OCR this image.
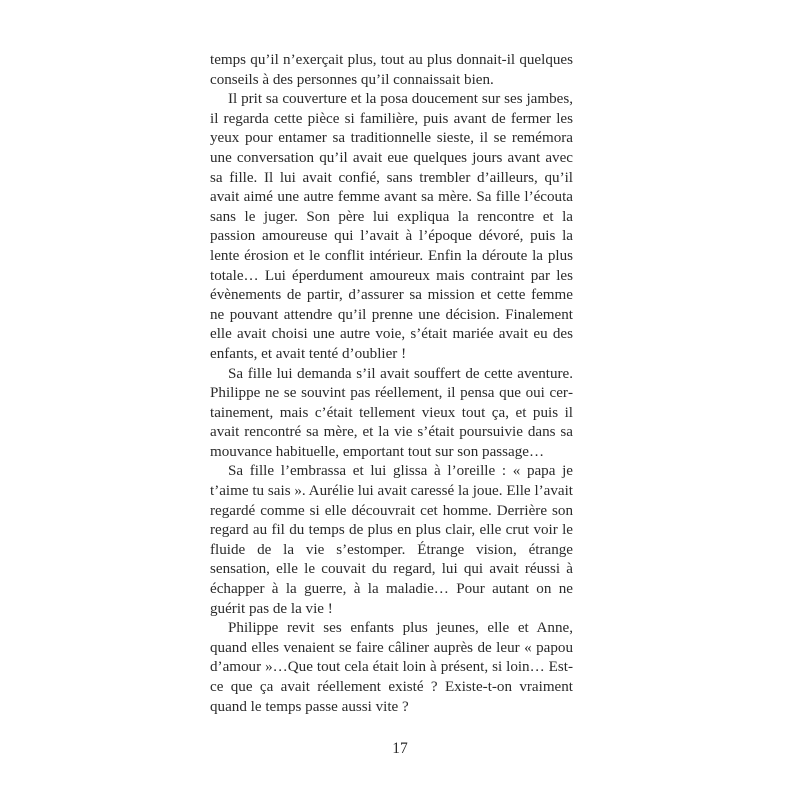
temps qu’il n’exerçait plus, tout au plus donnait-il quelques conseils à des personnes qu’il connaissait bien.

Il prit sa couverture et la posa doucement sur ses jambes, il regarda cette pièce si familière, puis avant de fermer les yeux pour entamer sa traditionnelle sieste, il se remémora une conversation qu’il avait eue quelques jours avant avec sa fille. Il lui avait confié, sans trembler d’ailleurs, qu’il avait aimé une autre femme avant sa mère. Sa fille l’écouta sans le juger. Son père lui expliqua la rencontre et la passion amoureuse qui l’avait à l’époque dévoré, puis la lente érosion et le conflit intérieur. Enfin la déroute la plus totale… Lui éperdument amoureux mais contraint par les évènements de partir, d’assurer sa mission et cette femme ne pouvant attendre qu’il prenne une décision. Finalement elle avait choisi une autre voie, s’était mariée avait eu des enfants, et avait tenté d’oublier !

Sa fille lui demanda s’il avait souffert de cette aventure. Philippe ne se souvint pas réellement, il pensa que oui certainement, mais c’était tellement vieux tout ça, et puis il avait rencontré sa mère, et la vie s’était poursuivie dans sa mouvance habituelle, emportant tout sur son passage…

Sa fille l’embrassa et lui glissa à l’oreille : « papa je t’aime tu sais ». Aurélie lui avait caressé la joue. Elle l’avait regardé comme si elle découvrait cet homme. Derrière son regard au fil du temps de plus en plus clair, elle crut voir le fluide de la vie s’estomper. Étrange vision, étrange sensation, elle le couvait du regard, lui qui avait réussi à échapper à la guerre, à la maladie… Pour autant on ne guérit pas de la vie !

Philippe revit ses enfants plus jeunes, elle et Anne, quand elles venaient se faire câliner auprès de leur « papou d’amour »…Que tout cela était loin à présent, si loin… Est-ce que ça avait réellement existé ? Existe-t-on vraiment quand le temps passe aussi vite ?

17
